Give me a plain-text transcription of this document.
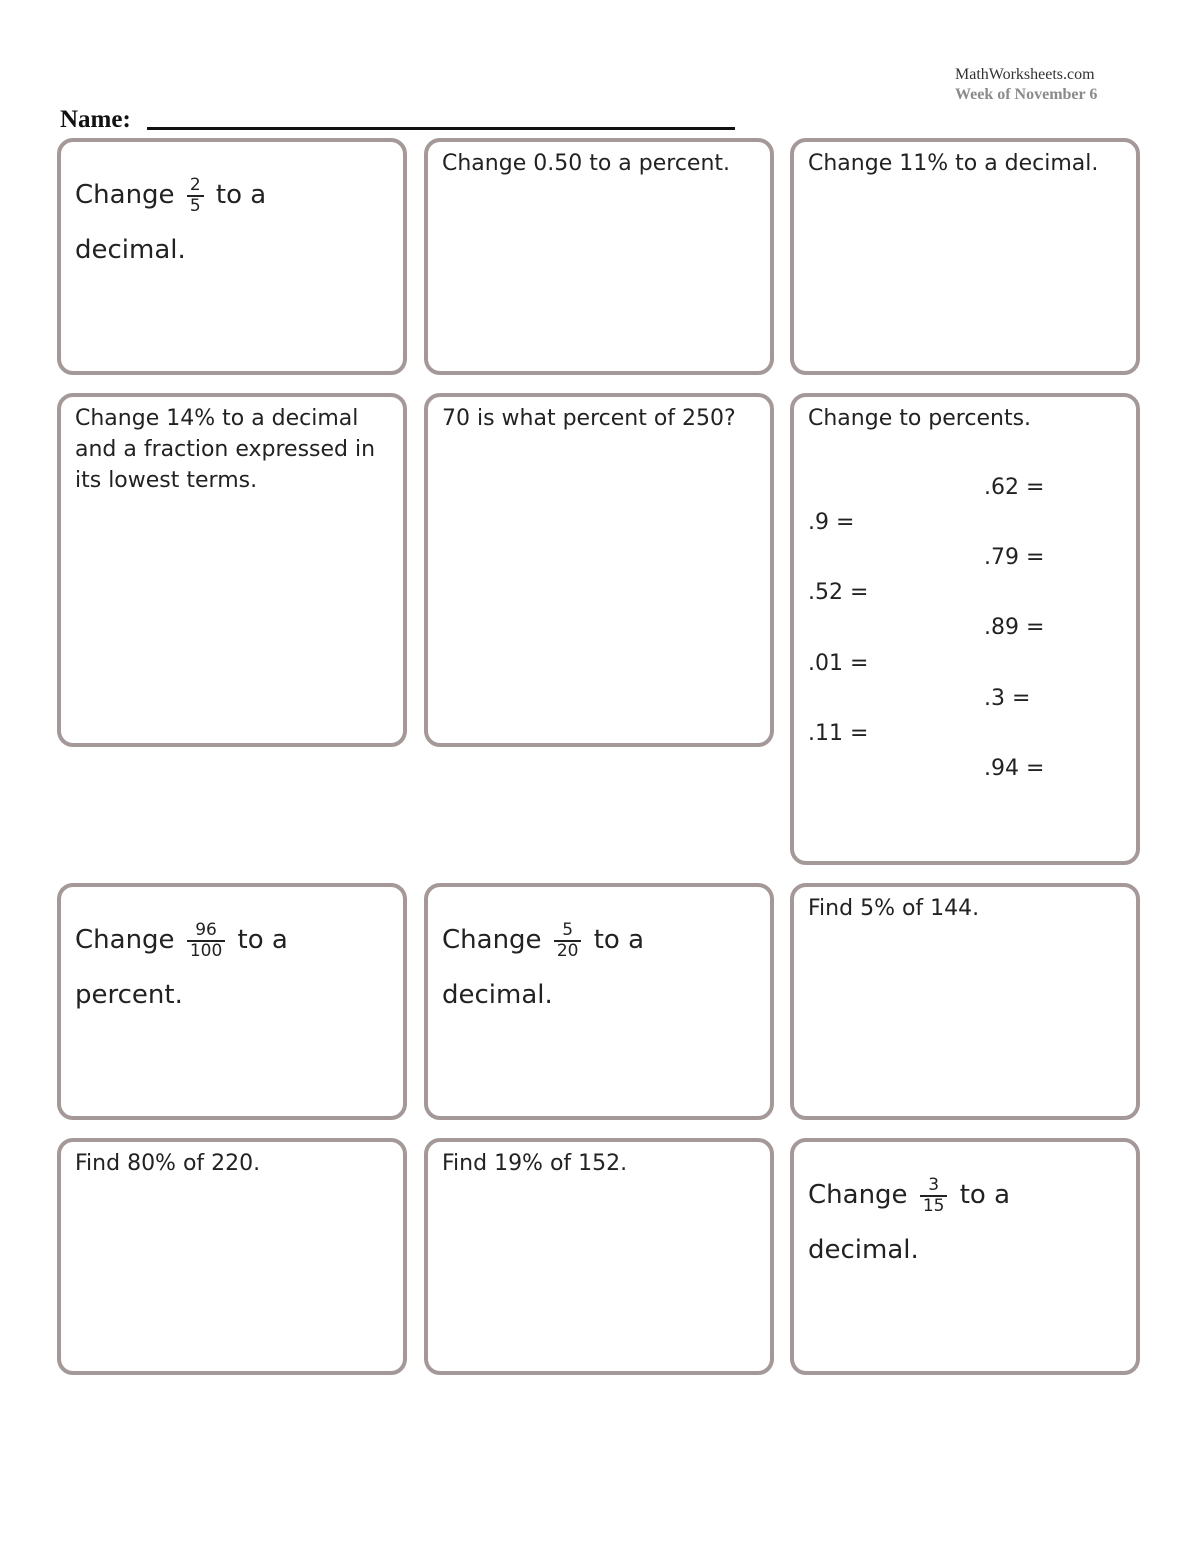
MathWorksheets.com
Week of November 6
Name:
Change $\frac{2}{5}$ to a
decimal.
Change 0.50 to a percent.	Change 11% to a decimal.
Change 14% to a decimal and a fraction expressed in its lowest terms.
70 is what percent of 250?	Change to percents.
.62 =
.9 =
.79 =
.52 =
.89 =
.01 =
.3 =
.11 =
.94 =
Change $\frac{96}{100}$ to a
percent.
Change $\frac{5}{20}$ to a
decimal.
Find 5% of 144.
Find 80% of 220.	Find 19% of 152.
Change $\frac{3}{15}$ to a
decimal.
